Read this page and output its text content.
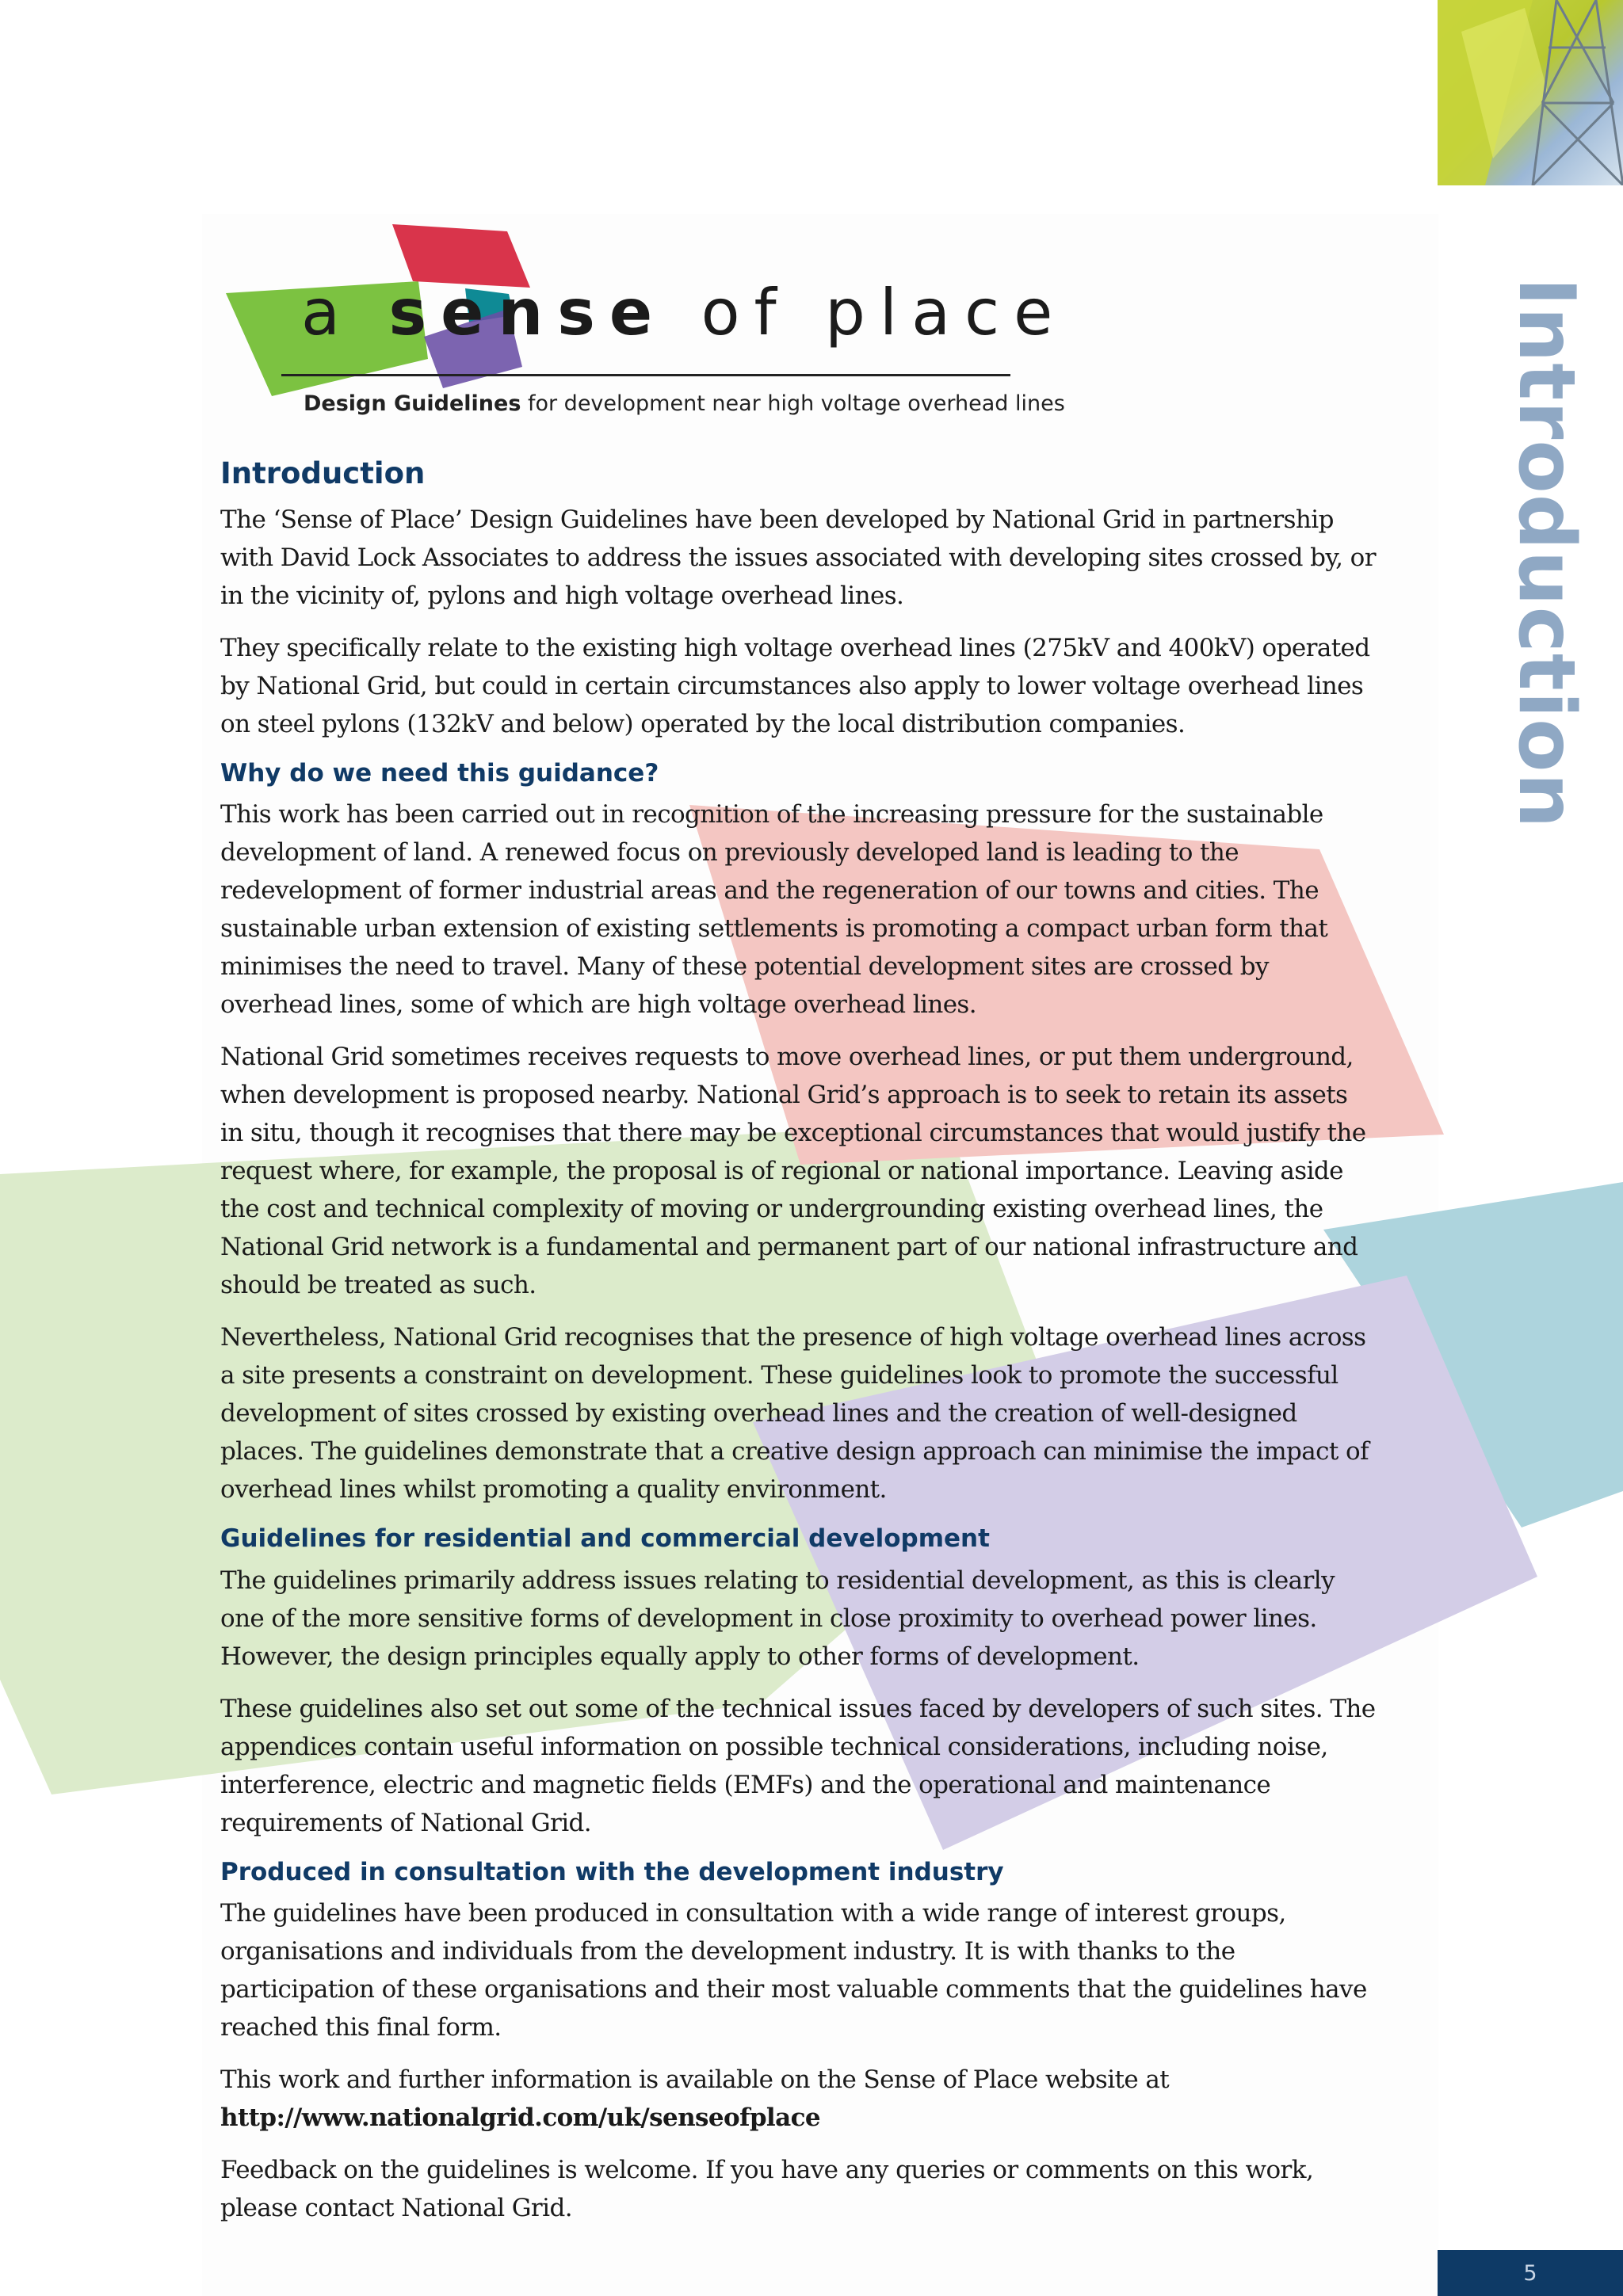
Introduction
a sense of place
Design Guidelines for development near high voltage overhead lines
Introduction

The ‘Sense of Place’ Design Guidelines have been developed by National Grid in partnership with David Lock Associates to address the issues associated with developing sites crossed by, or in the vicinity of, pylons and high voltage overhead lines.

They specifically relate to the existing high voltage overhead lines (275kV and 400kV) operated by National Grid, but could in certain circumstances also apply to lower voltage overhead lines on steel pylons (132kV and below) operated by the local distribution companies.

Why do we need this guidance?

This work has been carried out in recognition of the increasing pressure for the sustainable development of land. A renewed focus on previously developed land is leading to the redevelopment of former industrial areas and the regeneration of our towns and cities. The sustainable urban extension of existing settlements is promoting a compact urban form that minimises the need to travel. Many of these potential development sites are crossed by overhead lines, some of which are high voltage overhead lines.

National Grid sometimes receives requests to move overhead lines, or put them underground, when development is proposed nearby. National Grid’s approach is to seek to retain its assets in situ, though it recognises that there may be exceptional circumstances that would justify the request where, for example, the proposal is of regional or national importance. Leaving aside the cost and technical complexity of moving or undergrounding existing overhead lines, the National Grid network is a fundamental and permanent part of our national infrastructure and should be treated as such.

Nevertheless, National Grid recognises that the presence of high voltage overhead lines across a site presents a constraint on development. These guidelines look to promote the successful development of sites crossed by existing overhead lines and the creation of well-designed places. The guidelines demonstrate that a creative design approach can minimise the impact of overhead lines whilst promoting a quality environment.

Guidelines for residential and commercial development

The guidelines primarily address issues relating to residential development, as this is clearly one of the more sensitive forms of development in close proximity to overhead power lines. However, the design principles equally apply to other forms of development.

These guidelines also set out some of the technical issues faced by developers of such sites. The appendices contain useful information on possible technical considerations, including noise, interference, electric and magnetic fields (EMFs) and the operational and maintenance requirements of National Grid.

Produced in consultation with the development industry

The guidelines have been produced in consultation with a wide range of interest groups, organisations and individuals from the development industry. It is with thanks to the participation of these organisations and their most valuable comments that the guidelines have reached this final form.

This work and further information is available on the Sense of Place website at
http://www.nationalgrid.com/uk/senseofplace

Feedback on the guidelines is welcome. If you have any queries or comments on this work, please contact National Grid.

5
